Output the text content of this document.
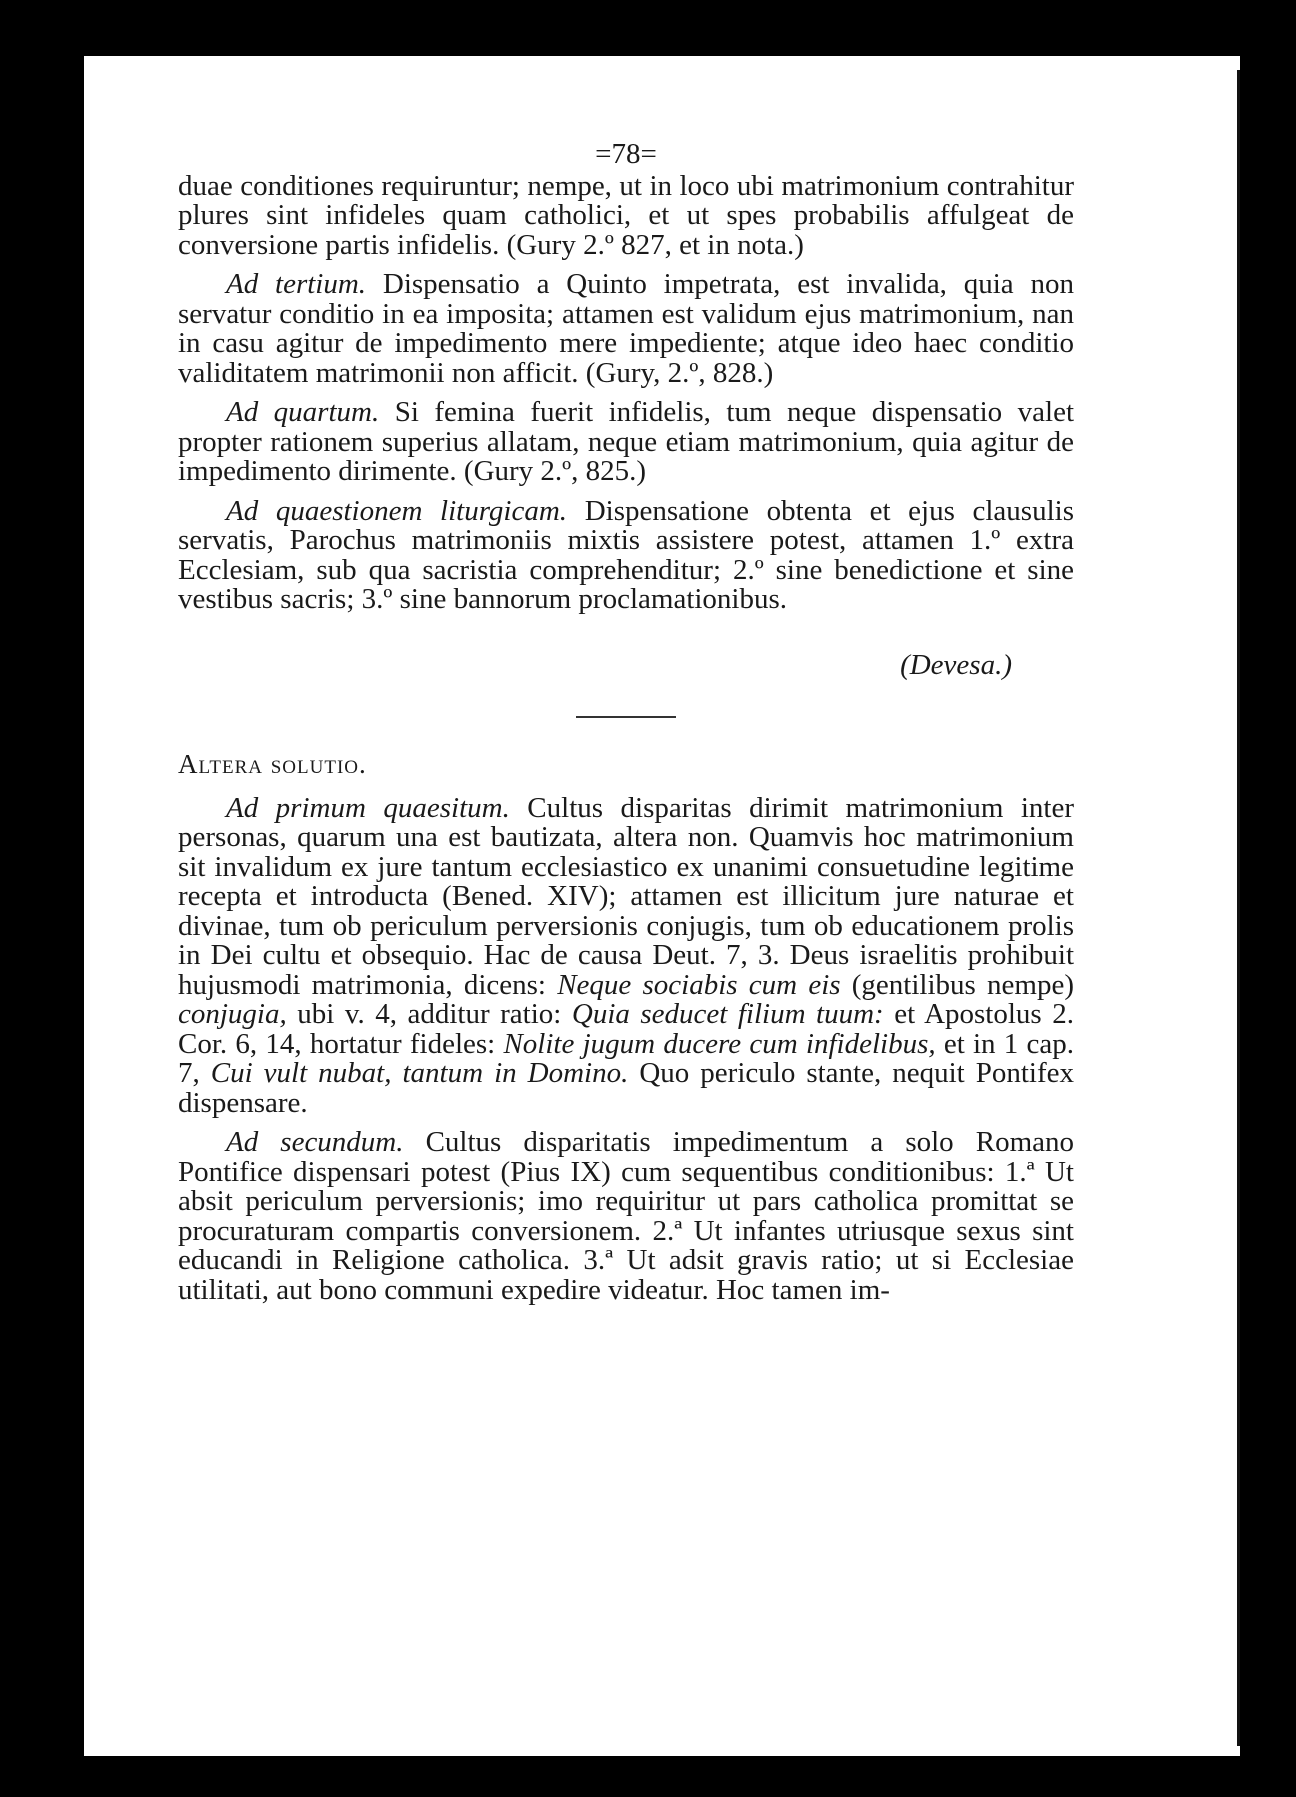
=78=

duae conditiones requiruntur; nempe, ut in loco ubi matrimonium contrahitur plures sint infideles quam catholici, et ut spes probabilis affulgeat de conversione partis infidelis. (Gury 2.º 827, et in nota.)

Ad tertium. Dispensatio a Quinto impetrata, est invalida, quia non servatur conditio in ea imposita; attamen est validum ejus matrimonium, nan in casu agitur de impedimento mere impediente; atque ideo haec conditio validitatem matrimonii non afficit. (Gury, 2.º, 828.)

Ad quartum. Si femina fuerit infidelis, tum neque dispensatio valet propter rationem superius allatam, neque etiam matrimonium, quia agitur de impedimento dirimente. (Gury 2.º, 825.)

Ad quaestionem liturgicam. Dispensatione obtenta et ejus clausulis servatis, Parochus matrimoniis mixtis assistere potest, attamen 1.º extra Ecclesiam, sub qua sacristia comprehenditur; 2.º sine benedictione et sine vestibus sacris; 3.º sine bannorum proclamationibus.

(Devesa.)
Altera solutio.

Ad primum quaesitum. Cultus disparitas dirimit matrimonium inter personas, quarum una est bautizata, altera non. Quamvis hoc matrimonium sit invalidum ex jure tantum ecclesiastico ex unanimi consuetudine legitime recepta et introducta (Bened. XIV); attamen est illicitum jure naturae et divinae, tum ob periculum perversionis conjugis, tum ob educationem prolis in Dei cultu et obsequio. Hac de causa Deut. 7, 3. Deus israelitis prohibuit hujusmodi matrimonia, dicens: Neque sociabis cum eis (gentilibus nempe) conjugia, ubi v. 4, additur ratio: Quia seducet filium tuum: et Apostolus 2. Cor. 6, 14, hortatur fideles: Nolite jugum ducere cum infidelibus, et in 1 cap. 7, Cui vult nubat, tantum in Domino. Quo periculo stante, nequit Pontifex dispensare.

Ad secundum. Cultus disparitatis impedimentum a solo Romano Pontifice dispensari potest (Pius IX) cum sequentibus conditionibus: 1.ª Ut absit periculum perversionis; imo requiritur ut pars catholica promittat se procuraturam compartis conversionem. 2.ª Ut infantes utriusque sexus sint educandi in Religione catholica. 3.ª Ut adsit gravis ratio; ut si Ecclesiae utilitati, aut bono communi expedire videatur. Hoc tamen im-
